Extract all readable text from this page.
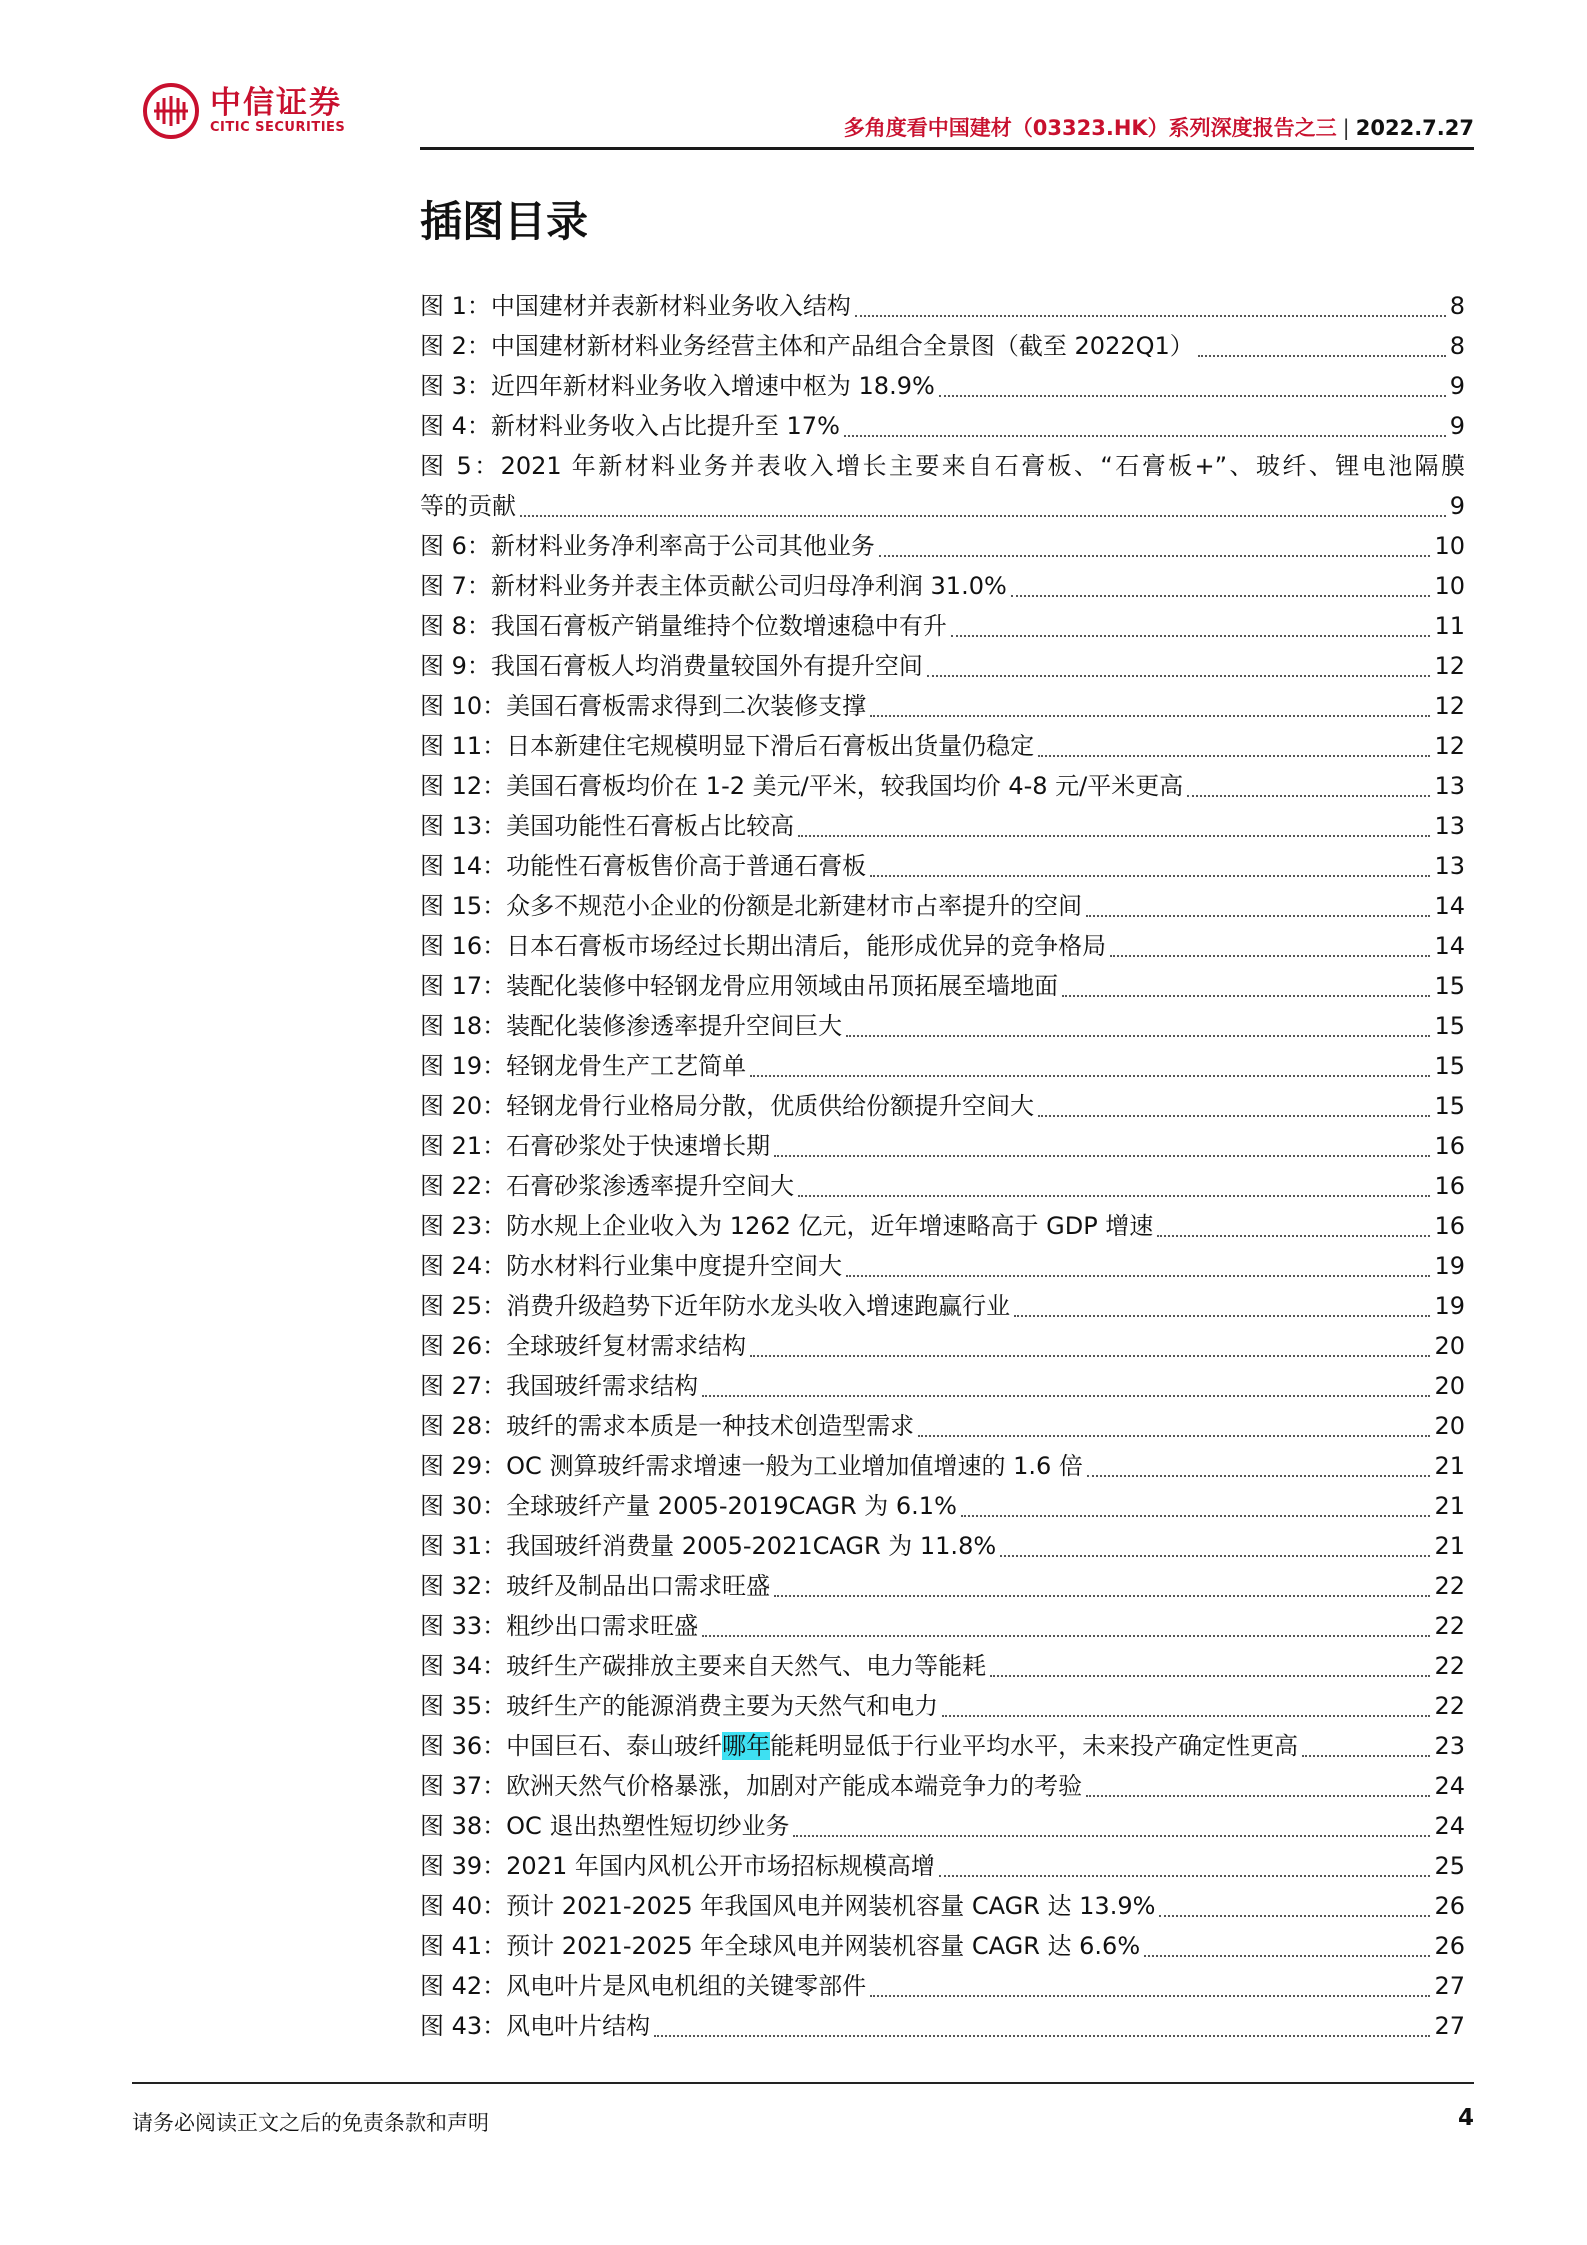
中信证券
CITIC SECURITIES	多角度看中国建材（03323.HK）系列深度报告之三 | 2022.7.27
插图目录
图 1：中国建材并表新材料业务收入结构	8
图 2：中国建材新材料业务经营主体和产品组合全景图（截至 2022Q1）	8
图 3：近四年新材料业务收入增速中枢为 18.9%	9
图 4：新材料业务收入占比提升至 17%	9
图 5：2021 年新材料业务并表收入增长主要来自石膏板、“石膏板+”、玻纤、锂电池隔膜
等的贡献	9
图 6：新材料业务净利率高于公司其他业务	10
图 7：新材料业务并表主体贡献公司归母净利润 31.0%	10
图 8：我国石膏板产销量维持个位数增速稳中有升	11
图 9：我国石膏板人均消费量较国外有提升空间	12
图 10：美国石膏板需求得到二次装修支撑	12
图 11：日本新建住宅规模明显下滑后石膏板出货量仍稳定	12
图 12：美国石膏板均价在 1-2 美元/平米，较我国均价 4-8 元/平米更高	13
图 13：美国功能性石膏板占比较高	13
图 14：功能性石膏板售价高于普通石膏板	13
图 15：众多不规范小企业的份额是北新建材市占率提升的空间	14
图 16：日本石膏板市场经过长期出清后，能形成优异的竞争格局	14
图 17：装配化装修中轻钢龙骨应用领域由吊顶拓展至墙地面	15
图 18：装配化装修渗透率提升空间巨大	15
图 19：轻钢龙骨生产工艺简单	15
图 20：轻钢龙骨行业格局分散，优质供给份额提升空间大	15
图 21：石膏砂浆处于快速增长期	16
图 22：石膏砂浆渗透率提升空间大	16
图 23：防水规上企业收入为 1262 亿元，近年增速略高于 GDP 增速	16
图 24：防水材料行业集中度提升空间大	19
图 25：消费升级趋势下近年防水龙头收入增速跑赢行业	19
图 26：全球玻纤复材需求结构	20
图 27：我国玻纤需求结构	20
图 28：玻纤的需求本质是一种技术创造型需求	20
图 29：OC 测算玻纤需求增速一般为工业增加值增速的 1.6 倍	21
图 30：全球玻纤产量 2005-2019CAGR 为 6.1%	21
图 31：我国玻纤消费量 2005-2021CAGR 为 11.8%	21
图 32：玻纤及制品出口需求旺盛	22
图 33：粗纱出口需求旺盛	22
图 34：玻纤生产碳排放主要来自天然气、电力等能耗	22
图 35：玻纤生产的能源消费主要为天然气和电力	22
图 36：中国巨石、泰山玻纤哪年能耗明显低于行业平均水平，未来投产确定性更高	23
图 37：欧洲天然气价格暴涨，加剧对产能成本端竞争力的考验	24
图 38：OC 退出热塑性短切纱业务	24
图 39：2021 年国内风机公开市场招标规模高增	25
图 40：预计 2021-2025 年我国风电并网装机容量 CAGR 达 13.9%	26
图 41：预计 2021-2025 年全球风电并网装机容量 CAGR 达 6.6%	26
图 42：风电叶片是风电机组的关键零部件	27
图 43：风电叶片结构	27
请务必阅读正文之后的免责条款和声明	4
